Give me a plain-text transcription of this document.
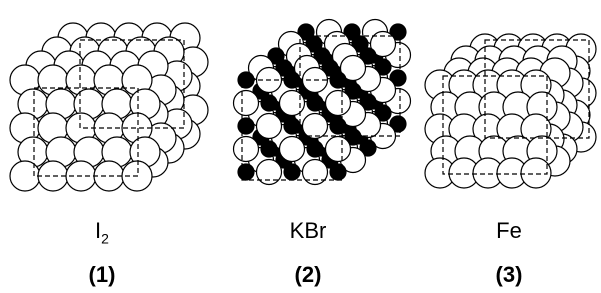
$I_2$	KBr	Fe
(1)	(2)	(3)
